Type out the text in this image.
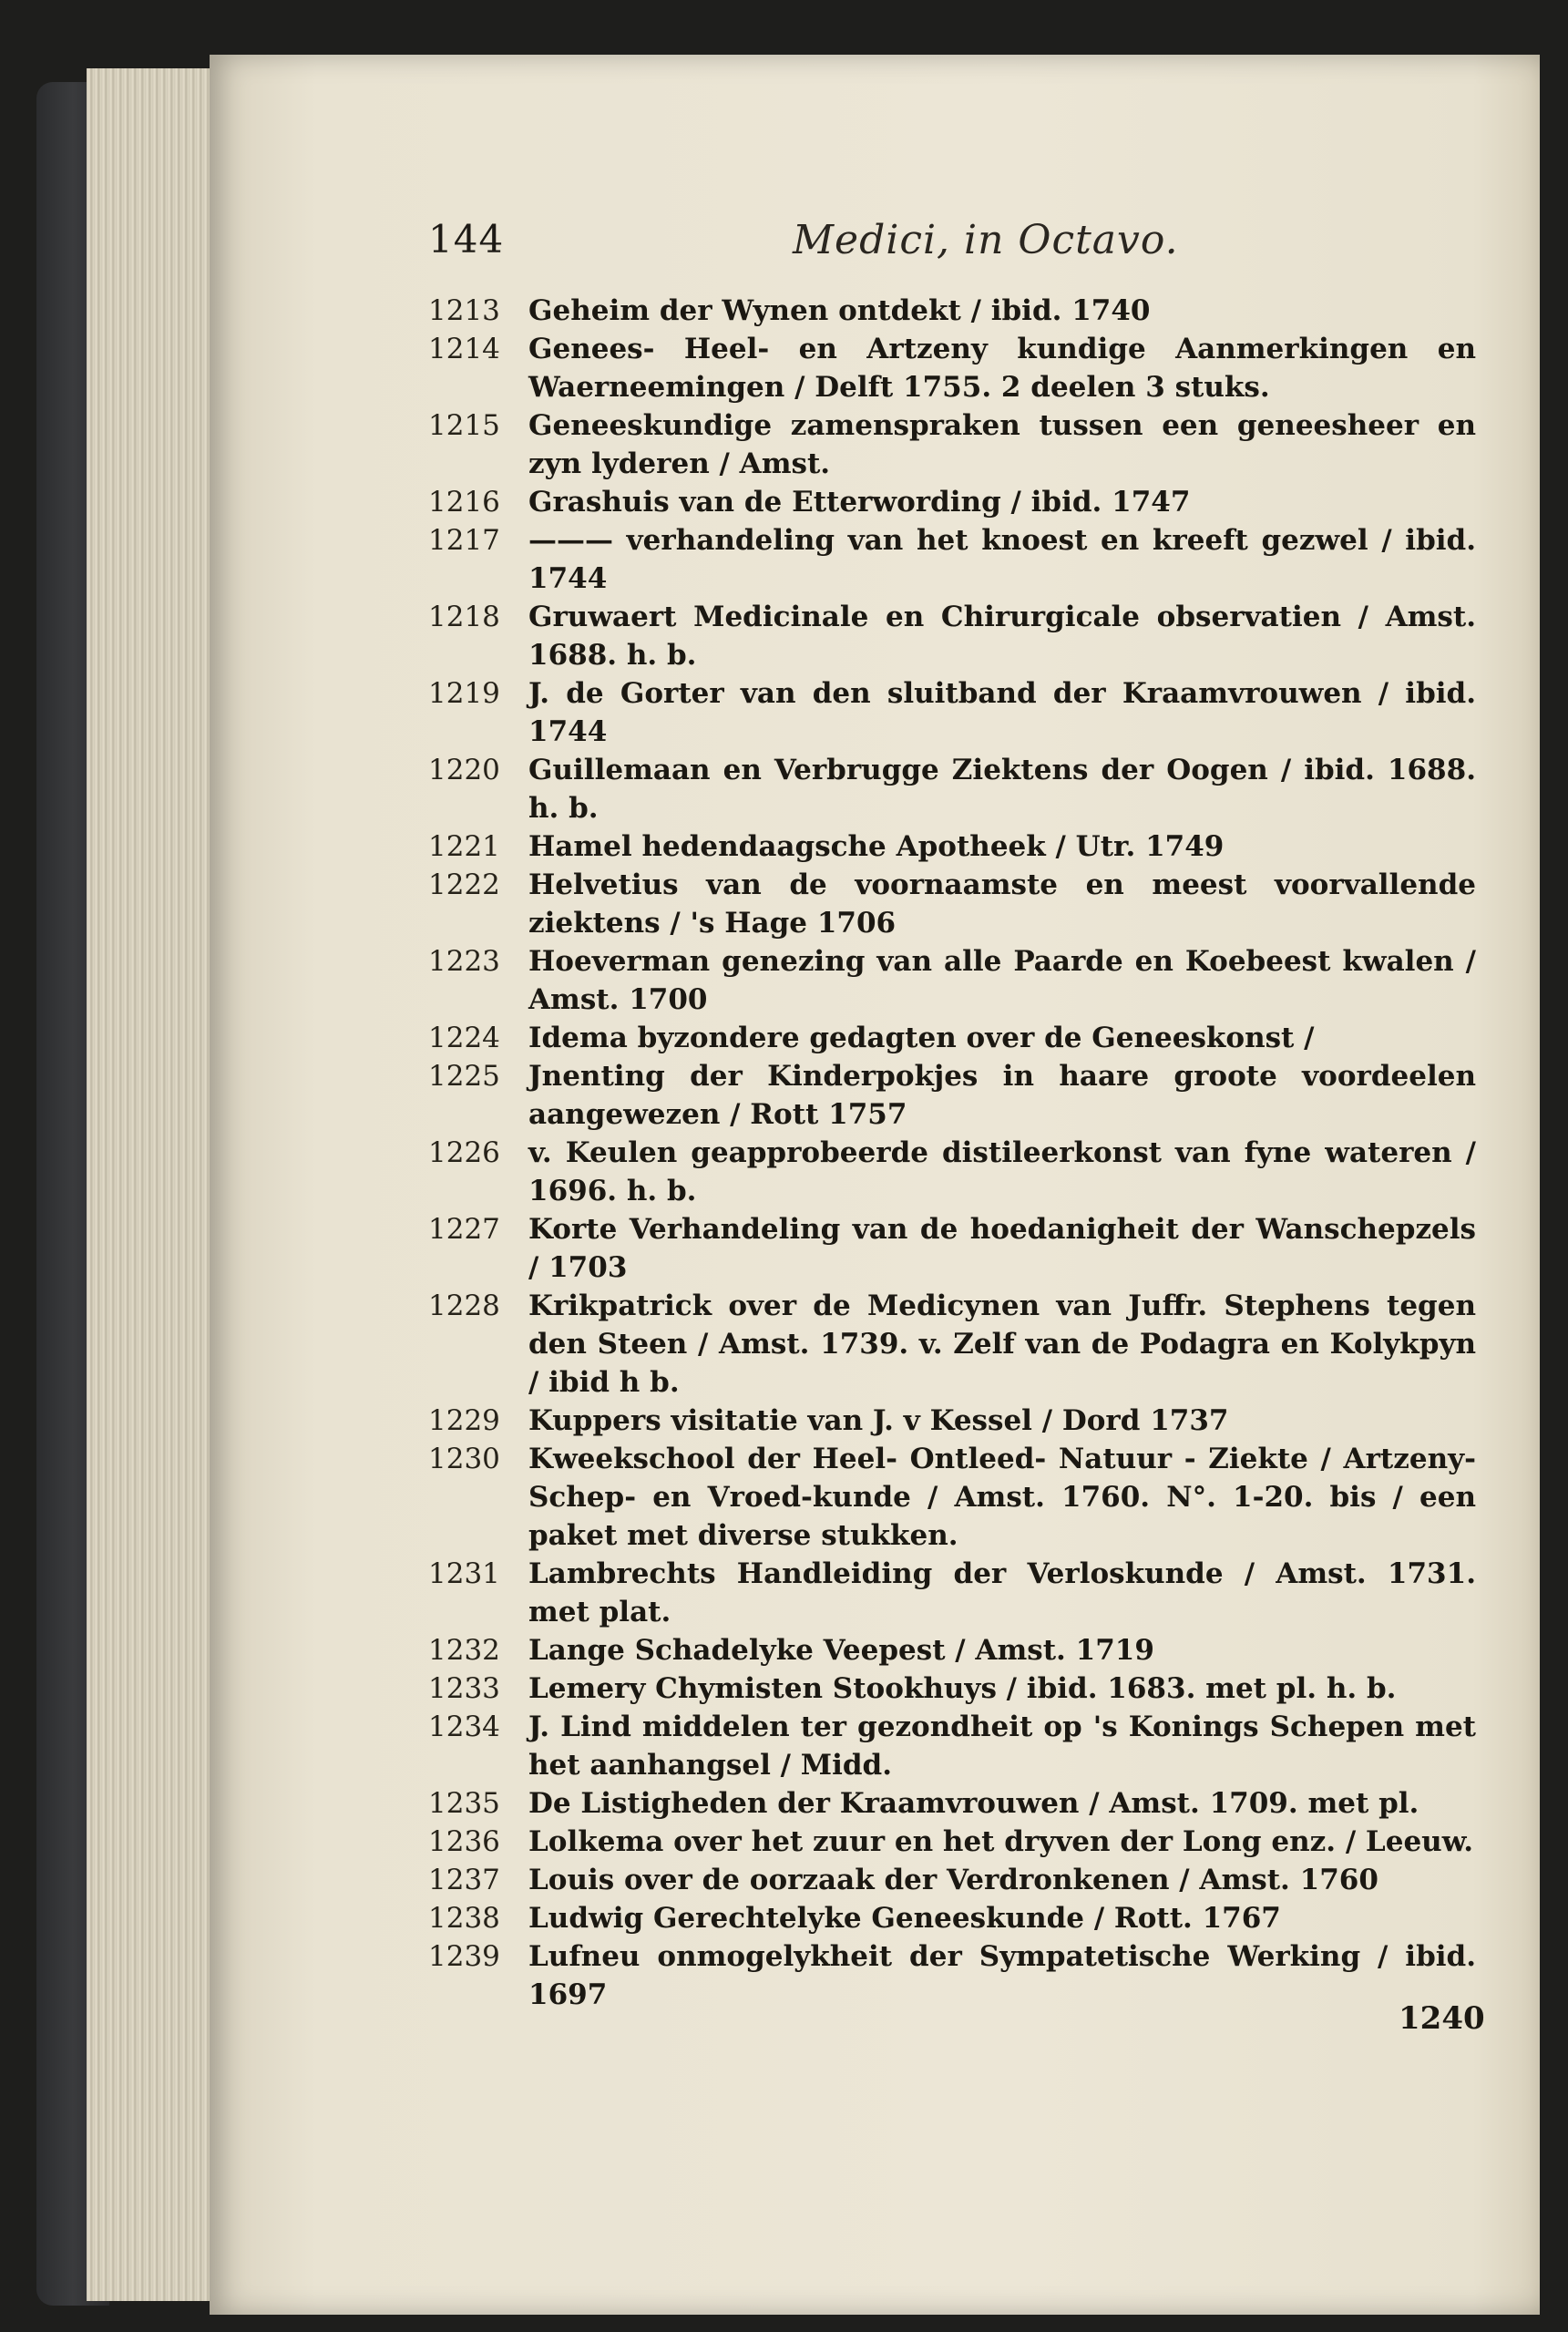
144	Medici, in Octavo.
1213	Geheim der Wynen ontdekt / ibid. 1740
1214	Genees- Heel- en Artzeny kundige Aanmerkingen en Waerneemingen / Delft 1755. 2 deelen 3 stuks.
1215	Geneeskundige zamenspraken tussen een geneesheer en zyn lyderen / Amst.
1216	Grashuis van de Etterwording / ibid. 1747
1217	——— verhandeling van het knoest en kreeft gezwel / ibid. 1744
1218	Gruwaert Medicinale en Chirurgicale observatien / Amst. 1688. h. b.
1219	J. de Gorter van den sluitband der Kraamvrouwen / ibid. 1744
1220	Guillemaan en Verbrugge Ziektens der Oogen / ibid. 1688. h. b.
1221	Hamel hedendaagsche Apotheek / Utr. 1749
1222	Helvetius van de voornaamste en meest voorvallende ziektens / 's Hage 1706
1223	Hoeverman genezing van alle Paarde en Koebeest kwalen / Amst. 1700
1224	Idema byzondere gedagten over de Geneeskonst /
1225	Jnenting der Kinderpokjes in haare groote voordeelen aangewezen / Rott 1757
1226	v. Keulen geapprobeerde distileerkonst van fyne wateren / 1696. h. b.
1227	Korte Verhandeling van de hoedanigheit der Wanschepzels / 1703
1228	Krikpatrick over de Medicynen van Juffr. Stephens tegen den Steen / Amst. 1739. v. Zelf van de Podagra en Kolykpyn / ibid h b.
1229	Kuppers visitatie van J. v Kessel / Dord 1737
1230	Kweekschool der Heel- Ontleed- Natuur - Ziekte / Artzeny- Schep- en Vroed-kunde / Amst. 1760. N°. 1-20. bis / een paket met diverse stukken.
1231	Lambrechts Handleiding der Verloskunde / Amst. 1731. met plat.
1232	Lange Schadelyke Veepest / Amst. 1719
1233	Lemery Chymisten Stookhuys / ibid. 1683. met pl. h. b.
1234	J. Lind middelen ter gezondheit op 's Konings Schepen met het aanhangsel / Midd.
1235	De Listigheden der Kraamvrouwen / Amst. 1709. met pl.
1236	Lolkema over het zuur en het dryven der Long enz. / Leeuw.
1237	Louis over de oorzaak der Verdronkenen / Amst. 1760
1238	Ludwig Gerechtelyke Geneeskunde / Rott. 1767
1239	Lufneu onmogelykheit der Sympatetische Werking / ibid. 1697
1240
